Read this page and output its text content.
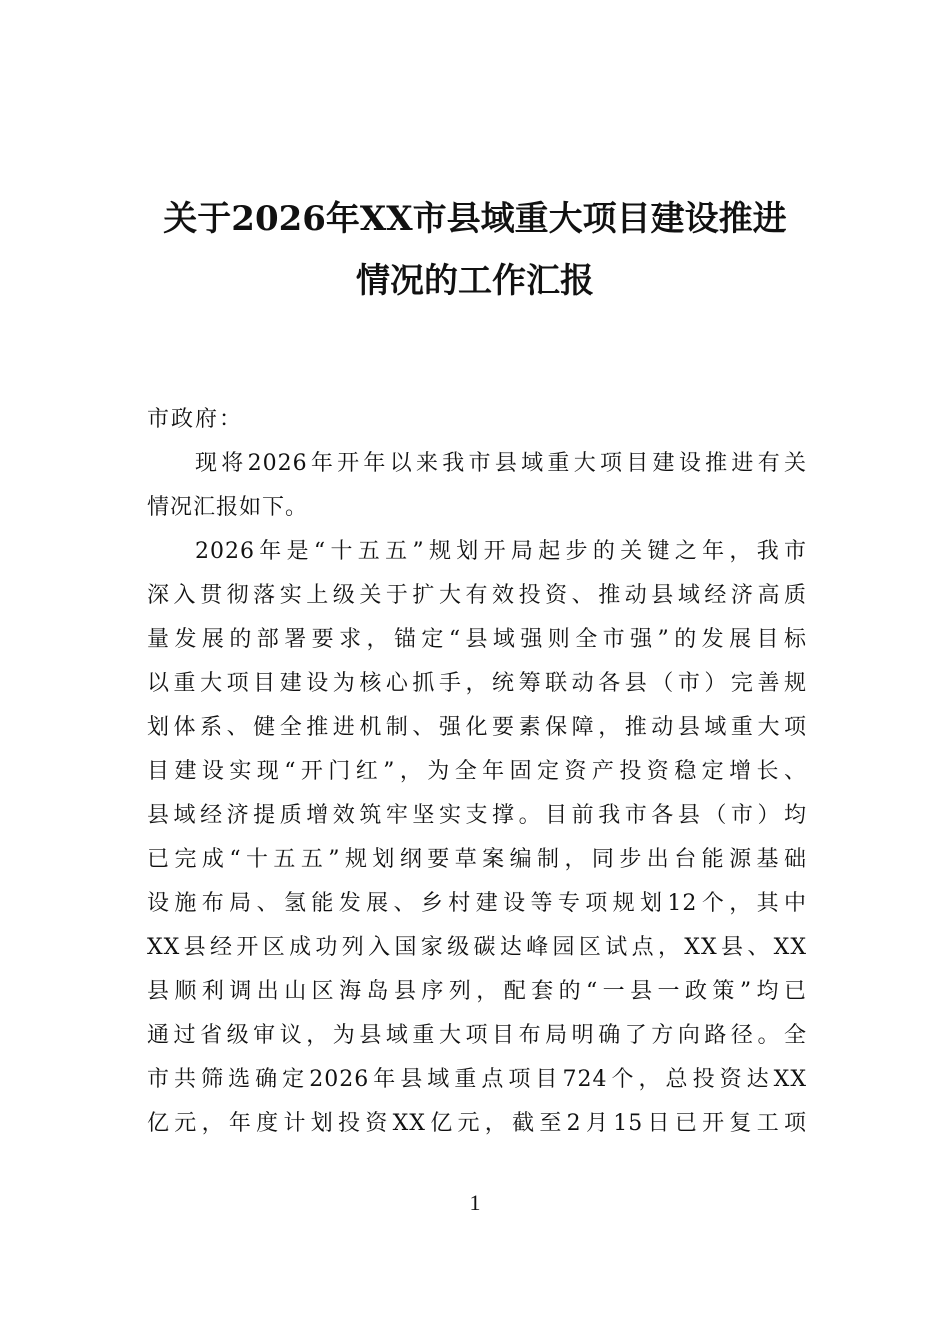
关于2026年XX市县域重大项目建设推进
情况的工作汇报

市政府：

现将2026年开年以来我市县域重大项目建设推进有关
情况汇报如下。

2026年是“十五五”规划开局起步的关键之年，我市
深入贯彻落实上级关于扩大有效投资、推动县域经济高质
量发展的部署要求，锚定“县域强则全市强”的发展目标
以重大项目建设为核心抓手，统筹联动各县（市）完善规
划体系、健全推进机制、强化要素保障，推动县域重大项
目建设实现“开门红”，为全年固定资产投资稳定增长、
县域经济提质增效筑牢坚实支撑。目前我市各县（市）均
已完成“十五五”规划纲要草案编制，同步出台能源基础
设施布局、氢能发展、乡村建设等专项规划12个，其中
XX县经开区成功列入国家级碳达峰园区试点，XX县、XX
县顺利调出山区海岛县序列，配套的“一县一政策”均已
通过省级审议，为县域重大项目布局明确了方向路径。全
市共筛选确定2026年县域重点项目724个，总投资达XX
亿元，年度计划投资XX亿元，截至2月15日已开复工项

1
